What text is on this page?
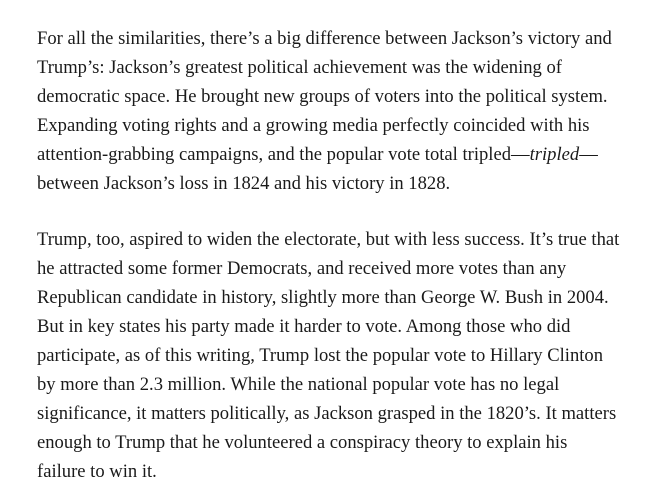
For all the similarities, there’s a big difference between Jackson’s victory and
Trump’s: Jackson’s greatest political achievement was the widening of
democratic space. He brought new groups of voters into the political system.
Expanding voting rights and a growing media perfectly coincided with his
attention-grabbing campaigns, and the popular vote total tripled—tripled—
between Jackson’s loss in 1824 and his victory in 1828.
Trump, too, aspired to widen the electorate, but with less success. It’s true that
he attracted some former Democrats, and received more votes than any
Republican candidate in history, slightly more than George W. Bush in 2004.
But in key states his party made it harder to vote. Among those who did
participate, as of this writing, Trump lost the popular vote to Hillary Clinton
by more than 2.3 million. While the national popular vote has no legal
significance, it matters politically, as Jackson grasped in the 1820’s. It matters
enough to Trump that he volunteered a conspiracy theory to explain his
failure to win it.
